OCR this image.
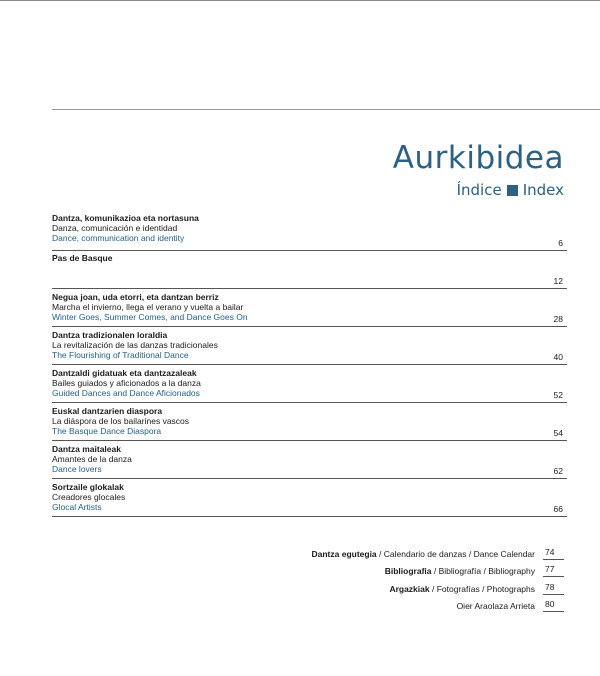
Aurkibidea
Índice Index
Dantza, komunikazioa eta nortasuna
Danza, comunicación e identidad
Dance, communication and identity	6
Pas de Basque
12
Negua joan, uda etorri, eta dantzan berriz
Marcha el invierno, llega el verano y vuelta a bailar
Winter Goes, Summer Comes, and Dance Goes On	28
Dantza tradizionalen loraldia
La revitalización de las danzas tradicionales
The Flourishing of Traditional Dance	40
Dantzaldi gidatuak eta dantzazaleak
Bailes guiados y aficionados a la danza
Guided Dances and Dance Aficionados	52
Euskal dantzarien diaspora
La diáspora de los bailarines vascos
The Basque Dance Diaspora	54
Dantza maitaleak
Amantes de la danza
Dance lovers	62
Sortzaile glokalak
Creadores glocales
Glocal Artists	66
Dantza egutegia / Calendario de danzas / Dance Calendar	74
Bibliografia / Bibliografía / Bibliography	77
Argazkiak / Fotografías / Photographs	78
Oier Araolaza Arrieta	80
